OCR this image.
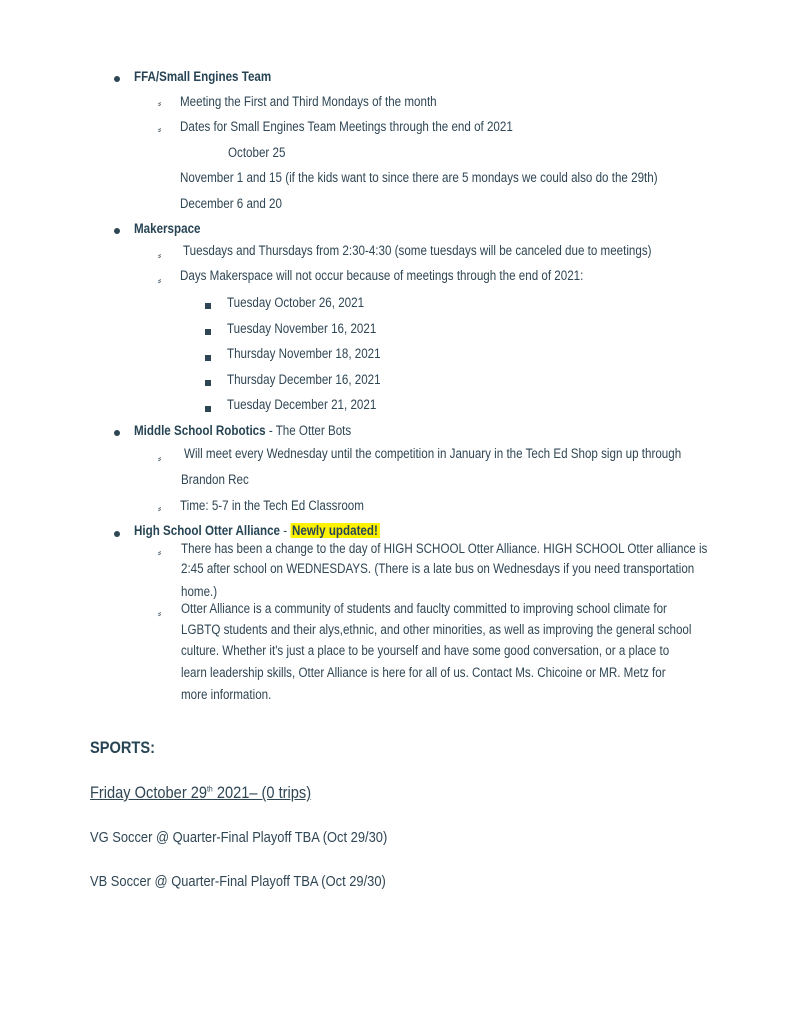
FFA/Small Engines Team
⸗ Meeting the First and Third Mondays of the month
⸗ Dates for Small Engines Team Meetings through the end of 2021
October 25
November 1 and 15 (if the kids want to since there are 5 mondays we could also do the 29th)
December 6 and 20
Makerspace
⸗ Tuesdays and Thursdays from 2:30-4:30 (some tuesdays will be canceled due to meetings)
⸗ Days Makerspace will not occur because of meetings through the end of 2021:
Tuesday October 26, 2021
Tuesday November 16, 2021
Thursday November 18, 2021
Thursday December 16, 2021
Tuesday December 21, 2021
Middle School Robotics - The Otter Bots
⸗ Will meet every Wednesday until the competition in January in the Tech Ed Shop sign up through
Brandon Rec
⸗ Time: 5-7 in the Tech Ed Classroom
High School Otter Alliance - Newly updated!
⸗ There has been a change to the day of HIGH SCHOOL Otter Alliance. HIGH SCHOOL Otter alliance is
2:45 after school on WEDNESDAYS. (There is a late bus on Wednesdays if you need transportation
home.)
⸗ Otter Alliance is a community of students and fauclty committed to improving school climate for
LGBTQ students and their alys,ethnic, and other minorities, as well as improving the general school
culture. Whether it's just a place to be yourself and have some good conversation, or a place to
learn leadership skills, Otter Alliance is here for all of us. Contact Ms. Chicoine or MR. Metz for
more information.
SPORTS:
Friday October 29th 2021– (0 trips)
VG Soccer @ Quarter-Final Playoff TBA (Oct 29/30)
VB Soccer @ Quarter-Final Playoff TBA (Oct 29/30)
